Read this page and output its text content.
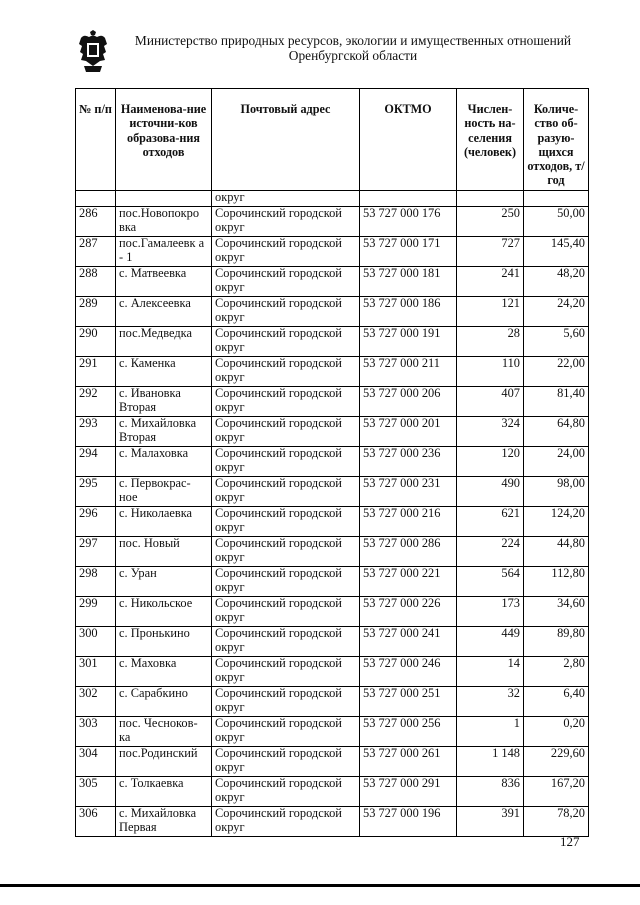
Министерство природных ресурсов, экологии и имущественных отношений
Оренбургской области
№ п/п	Наименова-ние источни-ков образова-ния отходов	Почтовый адрес	ОКТМО	Числен-ность на-селения (человек)	Количе-ство об-разую-щихся отходов, т/год
		округ			
286	пос.Новопокро вка	Сорочинский городской округ	53 727 000 176	250	50,00
287	пос.Гамалеевк а - 1	Сорочинский городской округ	53 727 000 171	727	145,40
288	с. Матвеевка	Сорочинский городской округ	53 727 000 181	241	48,20
289	с. Алексеевка	Сорочинский городской округ	53 727 000 186	121	24,20
290	пос.Медведка	Сорочинский городской округ	53 727 000 191	28	5,60
291	с. Каменка	Сорочинский городской округ	53 727 000 211	110	22,00
292	с. Ивановка Вторая	Сорочинский городской округ	53 727 000 206	407	81,40
293	с. Михайловка Вторая	Сорочинский городской округ	53 727 000 201	324	64,80
294	с. Малаховка	Сорочинский городской округ	53 727 000 236	120	24,00
295	с. Первокрас-ное	Сорочинский городской округ	53 727 000 231	490	98,00
296	с. Николаевка	Сорочинский городской округ	53 727 000 216	621	124,20
297	пос. Новый	Сорочинский городской округ	53 727 000 286	224	44,80
298	с. Уран	Сорочинский городской округ	53 727 000 221	564	112,80
299	с. Никольское	Сорочинский городской округ	53 727 000 226	173	34,60
300	с. Пронькино	Сорочинский городской округ	53 727 000 241	449	89,80
301	с. Маховка	Сорочинский городской округ	53 727 000 246	14	2,80
302	с. Сарабкино	Сорочинский городской округ	53 727 000 251	32	6,40
303	пос. Чесноков-ка	Сорочинский городской округ	53 727 000 256	1	0,20
304	пос.Родинский	Сорочинский городской округ	53 727 000 261	1 148	229,60
305	с. Толкаевка	Сорочинский городской округ	53 727 000 291	836	167,20
306	с. Михайловка Первая	Сорочинский городской округ	53 727 000 196	391	78,20
127
